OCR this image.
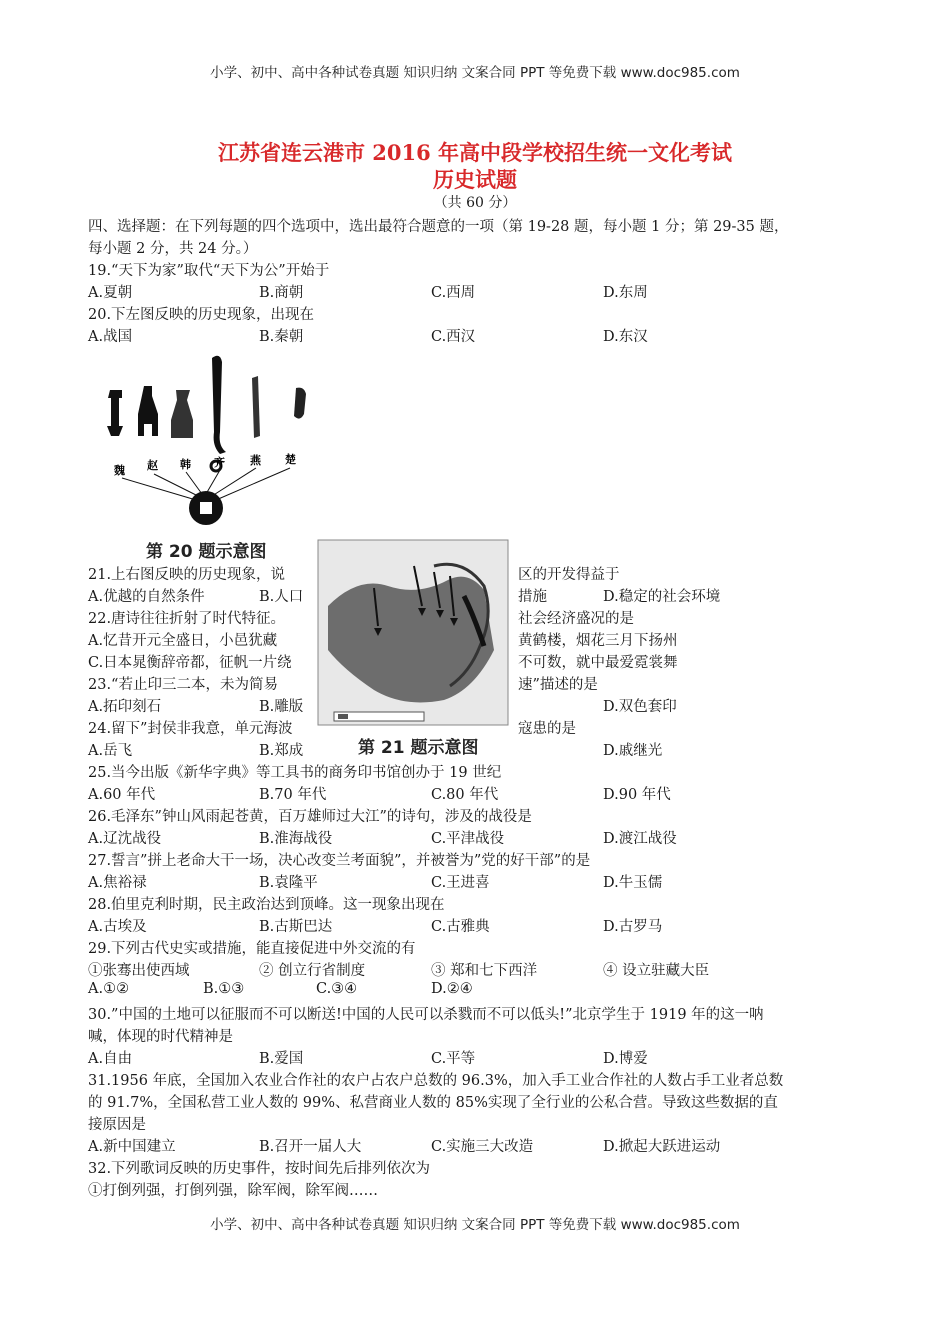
小学、初中、高中各种试卷真题 知识归纳 文案合同 PPT 等免费下载 www.doc985.com
江苏省连云港市 2016 年高中段学校招生统一文化考试
历史试题
（共 60 分）
四、选择题：在下列每题的四个选项中，选出最符合题意的一项（第 19-28 题，每小题 1 分；第 29-35 题，
每小题 2 分，共 24 分。）
19.“天下为家”取代“天下为公”开始于
A.夏朝	B.商朝	C.西周	D.东周
20.下左图反映的历史现象，出现在
A.战国	B.秦朝	C.西汉	D.东汉
魏 赵 韩 齐 燕 楚
第 20 题示意图
21.上右图反映的历史现象，说	区的开发得益于
A.优越的自然条件	B.人口	措施	D.稳定的社会环境
22.唐诗往往折射了时代特征。	社会经济盛况的是
A.忆昔开元全盛日，小邑犹藏	黄鹤楼，烟花三月下扬州
C.日本晁衡辞帝都，征帆一片绕	不可数，就中最爱霓裳舞
23.“若止印三二本，未为简易	速”描述的是
A.拓印刻石	B.雕版	D.双色套印
24.留下”封侯非我意，单元海波	寇患的是
A.岳飞	B.郑成	D.戚继光
第 21 题示意图
25.当今出版《新华字典》等工具书的商务印书馆创办于 19 世纪
A.60 年代	B.70 年代	C.80 年代	D.90 年代
26.毛泽东”钟山风雨起苍黄，百万雄师过大江”的诗句，涉及的战役是
A.辽沈战役	B.淮海战役	C.平津战役	D.渡江战役
27.誓言”拼上老命大干一场，决心改变兰考面貌”，并被誉为”党的好干部”的是
A.焦裕禄	B.袁隆平	C.王进喜	D.牛玉儒
28.伯里克利时期，民主政治达到顶峰。这一现象出现在
A.古埃及	B.古斯巴达	C.古雅典	D.古罗马
29.下列古代史实或措施，能直接促进中外交流的有
①张骞出使西域	② 创立行省制度	③ 郑和七下西洋	④ 设立驻藏大臣
A.①②	B.①③	C.③④	D.②④
30.”中国的土地可以征服而不可以断送!中国的人民可以杀戮而不可以低头!”北京学生于 1919 年的这一呐
喊，体现的时代精神是
A.自由	B.爱国	C.平等	D.博爱
31.1956 年底，全国加入农业合作社的农户占农户总数的 96.3%，加入手工业合作社的人数占手工业者总数
的 91.7%，全国私营工业人数的 99%、私营商业人数的 85%实现了全行业的公私合营。导致这些数据的直
接原因是
A.新中国建立	B.召开一届人大	C.实施三大改造	D.掀起大跃进运动
32.下列歌词反映的历史事件，按时间先后排列依次为
①打倒列强，打倒列强，除军阀，除军阀……
小学、初中、高中各种试卷真题 知识归纳 文案合同 PPT 等免费下载 www.doc985.com
